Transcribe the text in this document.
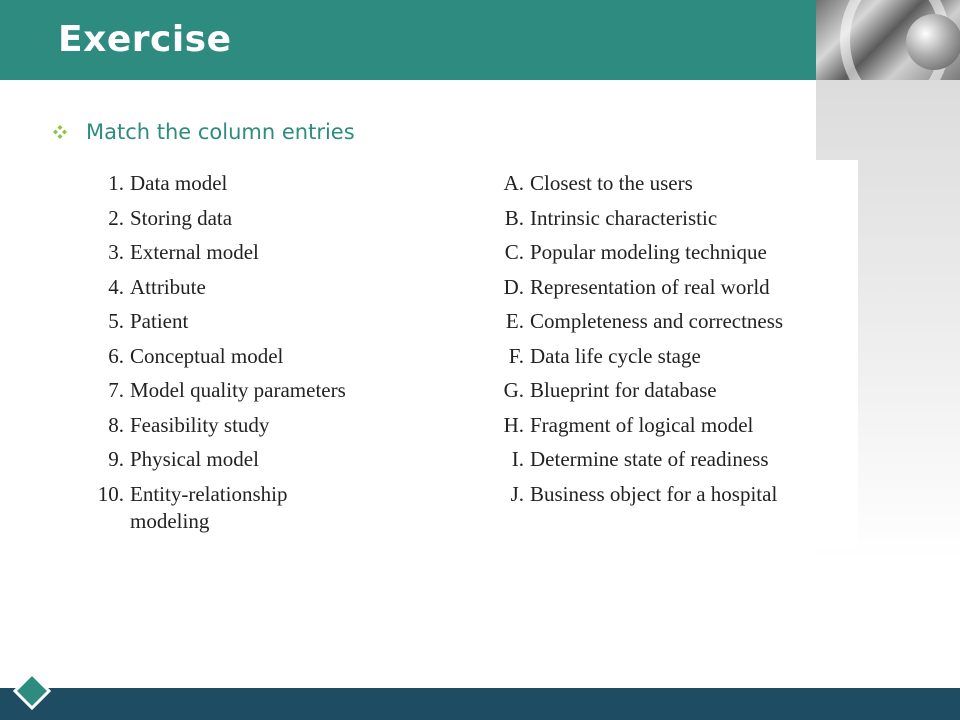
Exercise
Match the column entries
1. Data model
2. Storing data
3. External model
4. Attribute
5. Patient
6. Conceptual model
7. Model quality parameters
8. Feasibility study
9. Physical model
10. Entity-relationship
modeling
A. Closest to the users
B. Intrinsic characteristic
C. Popular modeling technique
D. Representation of real world
E. Completeness and correctness
F. Data life cycle stage
G. Blueprint for database
H. Fragment of logical model
I. Determine state of readiness
J. Business object for a hospital
